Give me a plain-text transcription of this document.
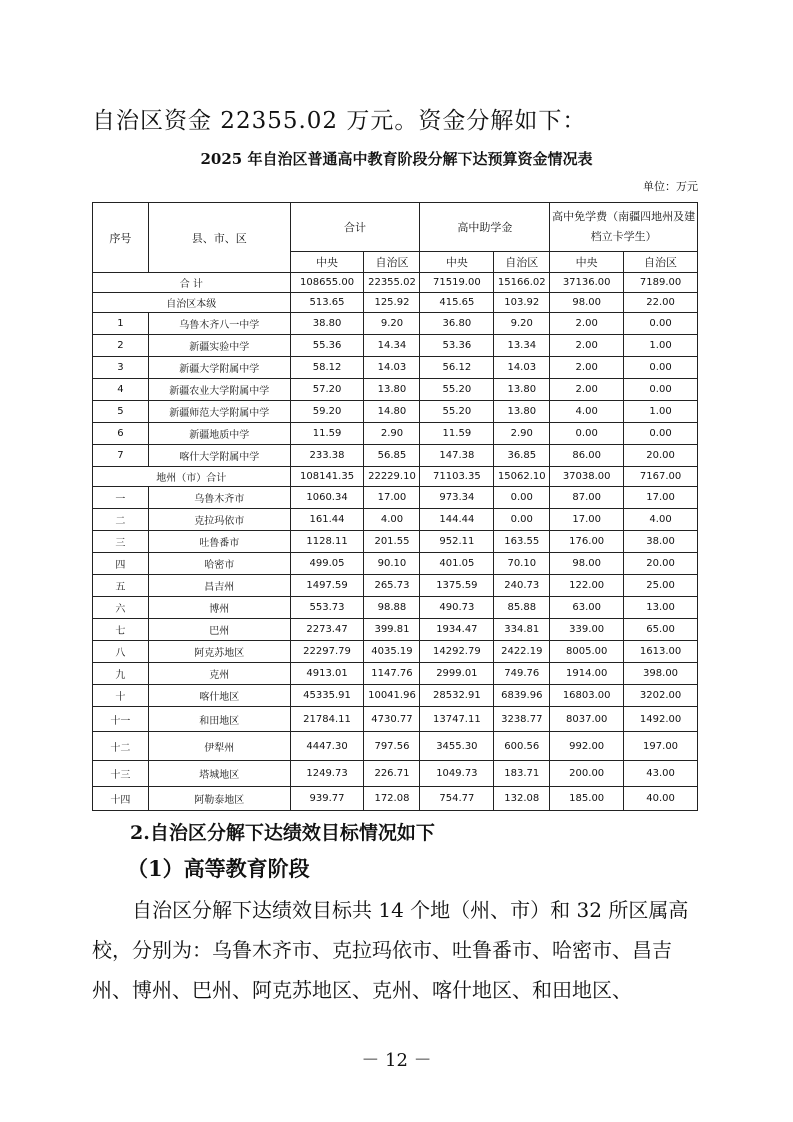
自治区资金 22355.02 万元。资金分解如下：
2025 年自治区普通高中教育阶段分解下达预算资金情况表
单位：万元
序号	县、市、区	合计		高中助学金		高中免学费（南疆四地州及建档立卡学生）	
		中央	自治区	中央	自治区	中央	自治区
合 计		108655.00	22355.02	71519.00	15166.02	37136.00	7189.00
自治区本级		513.65	125.92	415.65	103.92	98.00	22.00
1	乌鲁木齐八一中学	38.80	9.20	36.80	9.20	2.00	0.00
2	新疆实验中学	55.36	14.34	53.36	13.34	2.00	1.00
3	新疆大学附属中学	58.12	14.03	56.12	14.03	2.00	0.00
4	新疆农业大学附属中学	57.20	13.80	55.20	13.80	2.00	0.00
5	新疆师范大学附属中学	59.20	14.80	55.20	13.80	4.00	1.00
6	新疆地质中学	11.59	2.90	11.59	2.90	0.00	0.00
7	喀什大学附属中学	233.38	56.85	147.38	36.85	86.00	20.00
地州（市）合计		108141.35	22229.10	71103.35	15062.10	37038.00	7167.00
一	乌鲁木齐市	1060.34	17.00	973.34	0.00	87.00	17.00
二	克拉玛依市	161.44	4.00	144.44	0.00	17.00	4.00
三	吐鲁番市	1128.11	201.55	952.11	163.55	176.00	38.00
四	哈密市	499.05	90.10	401.05	70.10	98.00	20.00
五	昌吉州	1497.59	265.73	1375.59	240.73	122.00	25.00
六	博州	553.73	98.88	490.73	85.88	63.00	13.00
七	巴州	2273.47	399.81	1934.47	334.81	339.00	65.00
八	阿克苏地区	22297.79	4035.19	14292.79	2422.19	8005.00	1613.00
九	克州	4913.01	1147.76	2999.01	749.76	1914.00	398.00
十	喀什地区	45335.91	10041.96	28532.91	6839.96	16803.00	3202.00
十一	和田地区	21784.11	4730.77	13747.11	3238.77	8037.00	1492.00
十二	伊犁州	4447.30	797.56	3455.30	600.56	992.00	197.00
十三	塔城地区	1249.73	226.71	1049.73	183.71	200.00	43.00
十四	阿勒泰地区	939.77	172.08	754.77	132.08	185.00	40.00
2.自治区分解下达绩效目标情况如下
（1）高等教育阶段
自治区分解下达绩效目标共 14 个地（州、市）和 32 所区属高校，分别为：乌鲁木齐市、克拉玛依市、吐鲁番市、哈密市、昌吉州、博州、巴州、阿克苏地区、克州、喀什地区、和田地区、
－ 12 －
